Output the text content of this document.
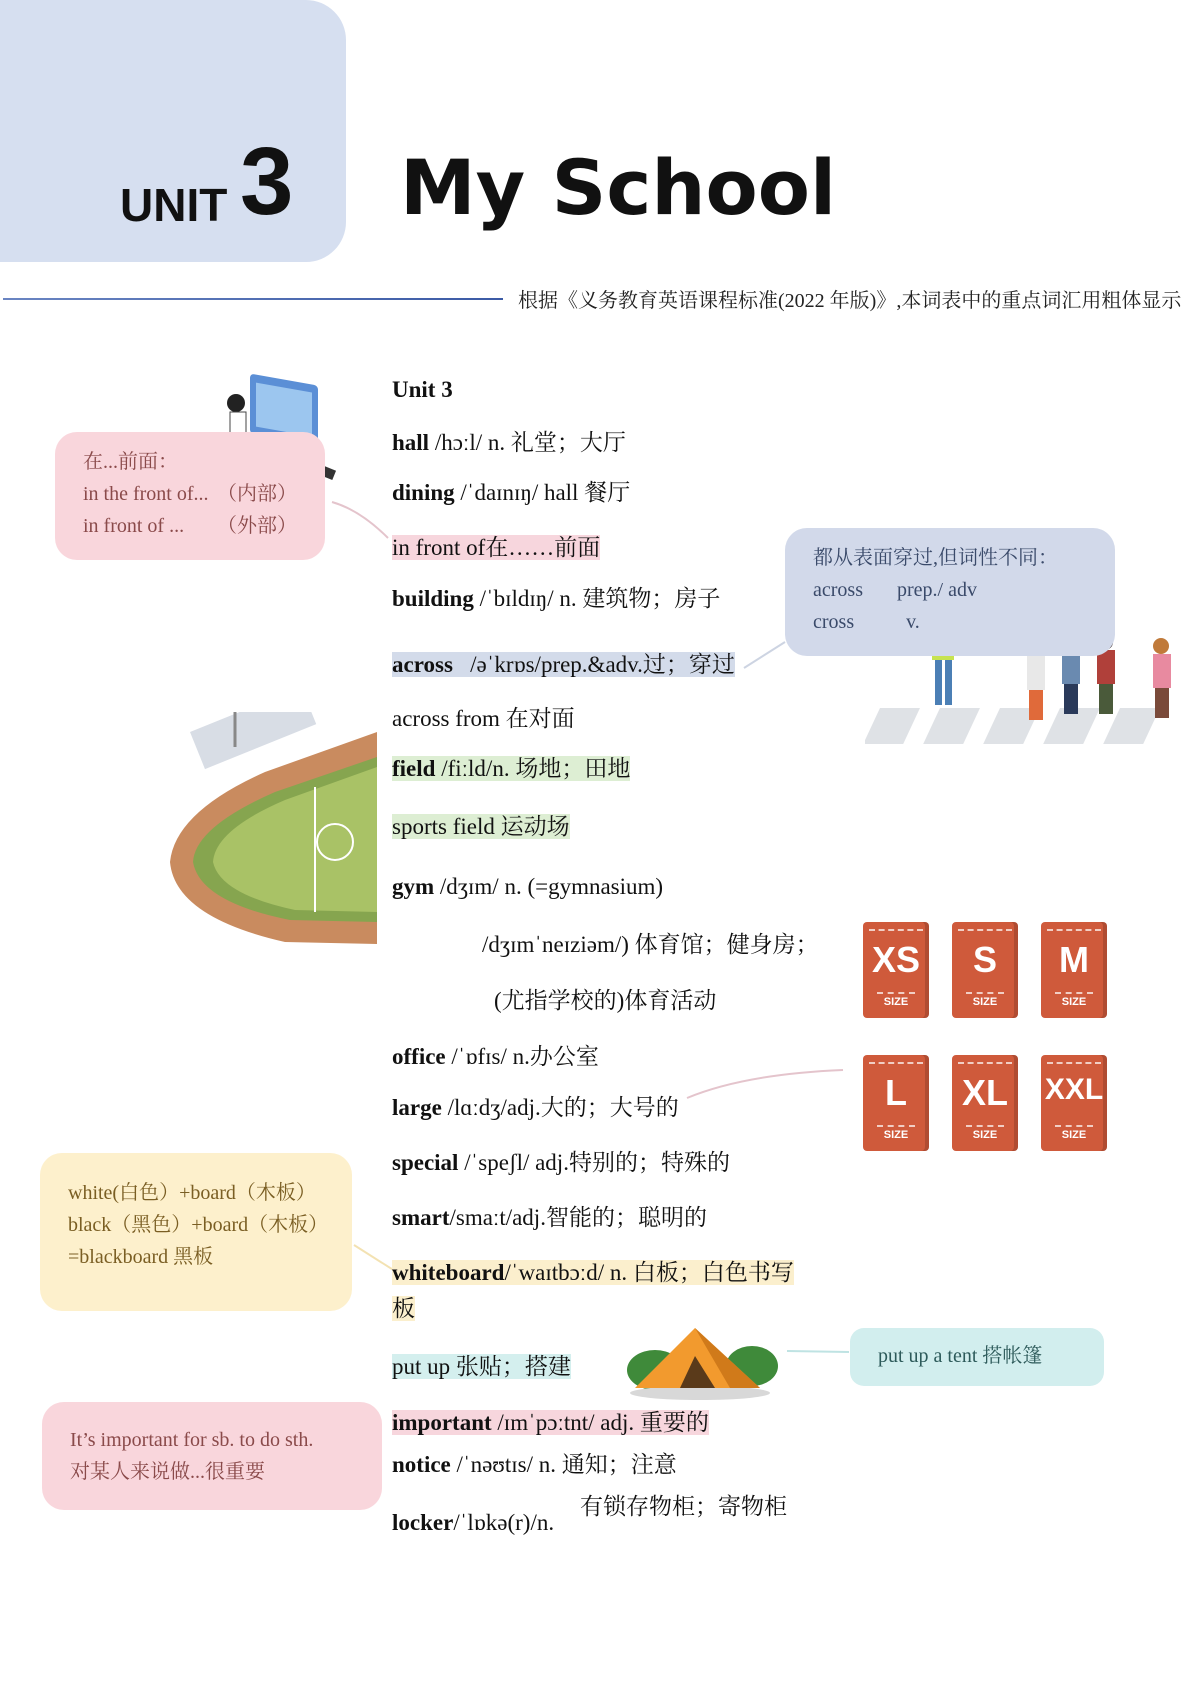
UNIT 3 My School
根据《义务教育英语课程标准(2022 年版)》,本词表中的重点词汇用粗体显示
Unit 3
hall /hɔːl/ n. 礼堂；大厅
dining /ˈdaɪnɪŋ/ hall 餐厅
in front of在……前面
building /ˈbɪldɪŋ/ n. 建筑物；房子
across /əˈkrɒs/prep.&adv.过；穿过
across from 在对面
field /fiːld/n. 场地；田地
sports field 运动场
gym /dʒɪm/ n. (=gymnasium)
/dʒɪmˈneɪziəm/) 体育馆；健身房；
(尤指学校的)体育活动
office /ˈɒfɪs/ n.办公室
large /lɑːdʒ/adj.大的；大号的
special /ˈspeʃl/ adj.特别的；特殊的
smart/smaːt/adj.智能的；聪明的
whiteboard/ˈwaɪtbɔːd/ n. 白板；白色书写
板
put up 张贴；搭建
important /ɪmˈpɔːtnt/ adj. 重要的
notice /ˈnəʊtɪs/ n. 通知；注意
locker/ˈlɒkə(r)/n.
有锁存物柜；寄物柜
在...前面：
in the front of... （内部）
in front of ... （外部）
都从表面穿过,但词性不同：
across prep./ adv
cross	v.
white(白色）+board（木板）
black（黑色）+board（木板）
=blackboard 黑板
put up a tent 搭帐篷
It’s important for sb. to do sth.
对某人来说做...很重要
XS
SIZE
S
SIZE
M
SIZE
L
SIZE
XL
SIZE
XXL
SIZE
